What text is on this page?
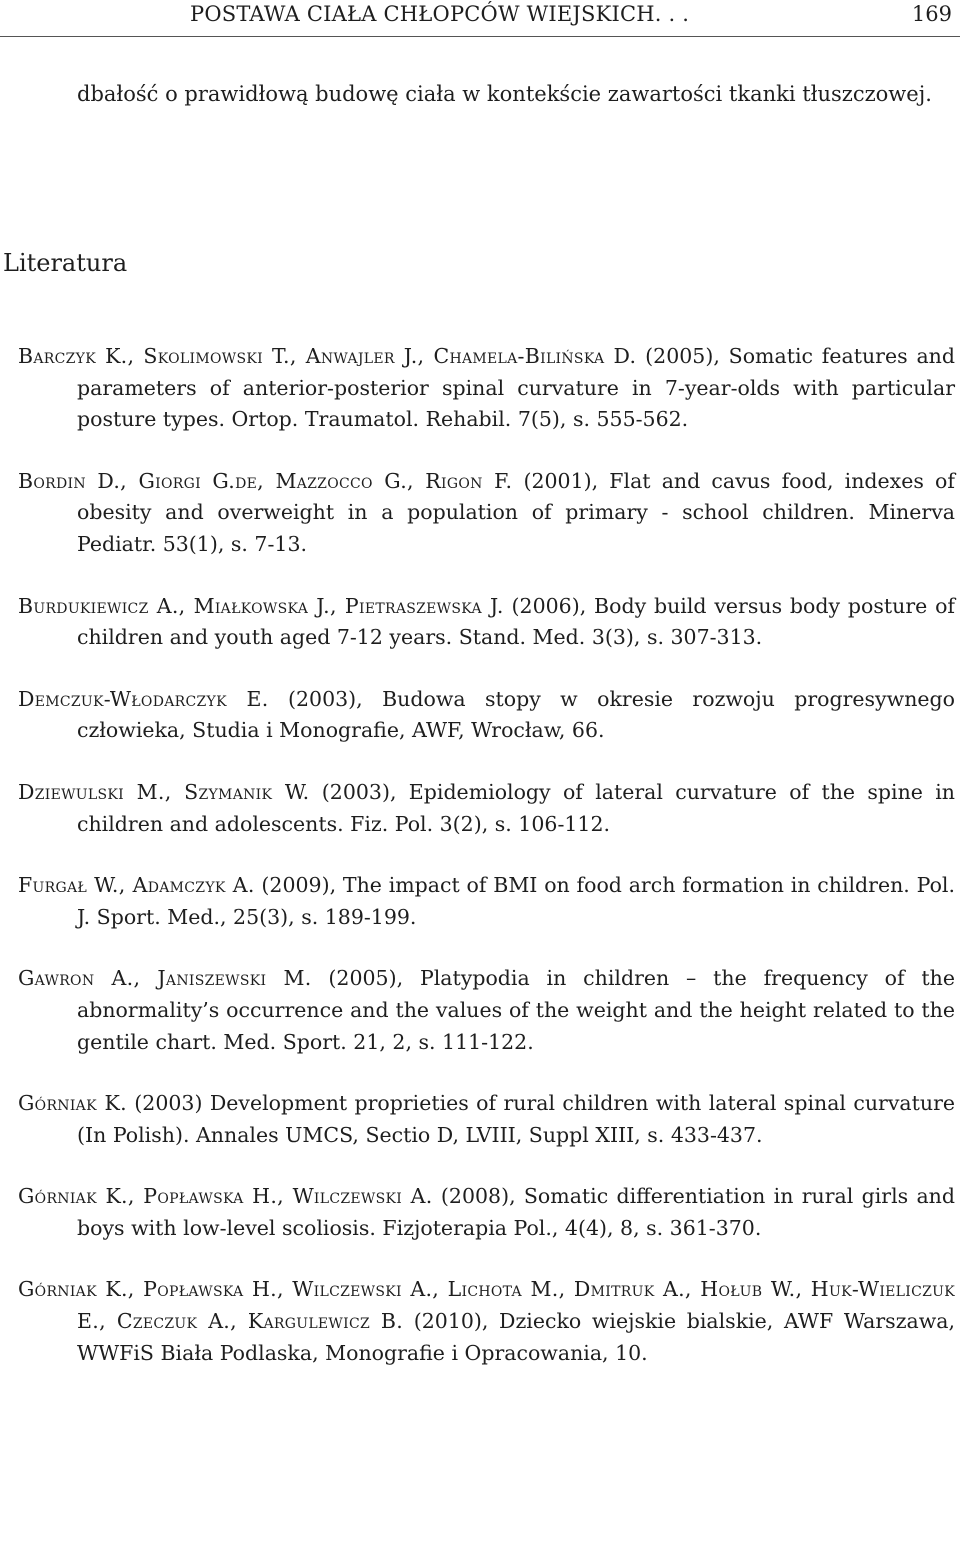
POSTAWA CIAŁA CHŁOPCÓW WIEJSKICH. . .	169

dbałość o prawidłową budowę ciała w kontekście zawartości tkanki tłuszczowej.

Literatura
Barczyk K., Skolimowski T., Anwajler J., Chamela-Bilińska D. (2005), Somatic features and parameters of anterior-posterior spinal curvature in 7-year-olds with particular posture types. Ortop. Traumatol. Rehabil. 7(5), s. 555-562.
Bordin D., Giorgi G.de, Mazzocco G., Rigon F. (2001), Flat and cavus food, indexes of obesity and overweight in a population of primary - school children. Minerva Pediatr. 53(1), s. 7-13.
Burdukiewicz A., Miałkowska J., Pietraszewska J. (2006), Body build versus body posture of children and youth aged 7-12 years. Stand. Med. 3(3), s. 307-313.
Demczuk-Włodarczyk E. (2003), Budowa stopy w okresie rozwoju progresywnego człowieka, Studia i Monografie, AWF, Wrocław, 66.
Dziewulski M., Szymanik W. (2003), Epidemiology of lateral curvature of the spine in children and adolescents. Fiz. Pol. 3(2), s. 106-112.
Furgał W., Adamczyk A. (2009), The impact of BMI on food arch formation in children. Pol. J. Sport. Med., 25(3), s. 189-199.
Gawron A., Janiszewski M. (2005), Platypodia in children – the frequency of the abnormality’s occurrence and the values of the weight and the height related to the gentile chart. Med. Sport. 21, 2, s. 111-122.
Górniak K. (2003) Development proprieties of rural children with lateral spinal curvature (In Polish). Annales UMCS, Sectio D, LVIII, Suppl XIII, s. 433-437.
Górniak K., Popławska H., Wilczewski A. (2008), Somatic differentiation in rural girls and boys with low-level scoliosis. Fizjoterapia Pol., 4(4), 8, s. 361-370.
Górniak K., Popławska H., Wilczewski A., Lichota M., Dmitruk A., Hołub W., Huk-Wieliczuk E., Czeczuk A., Kargulewicz B. (2010), Dziecko wiejskie bialskie, AWF Warszawa, WWFiS Biała Podlaska, Monografie i Opracowania, 10.
